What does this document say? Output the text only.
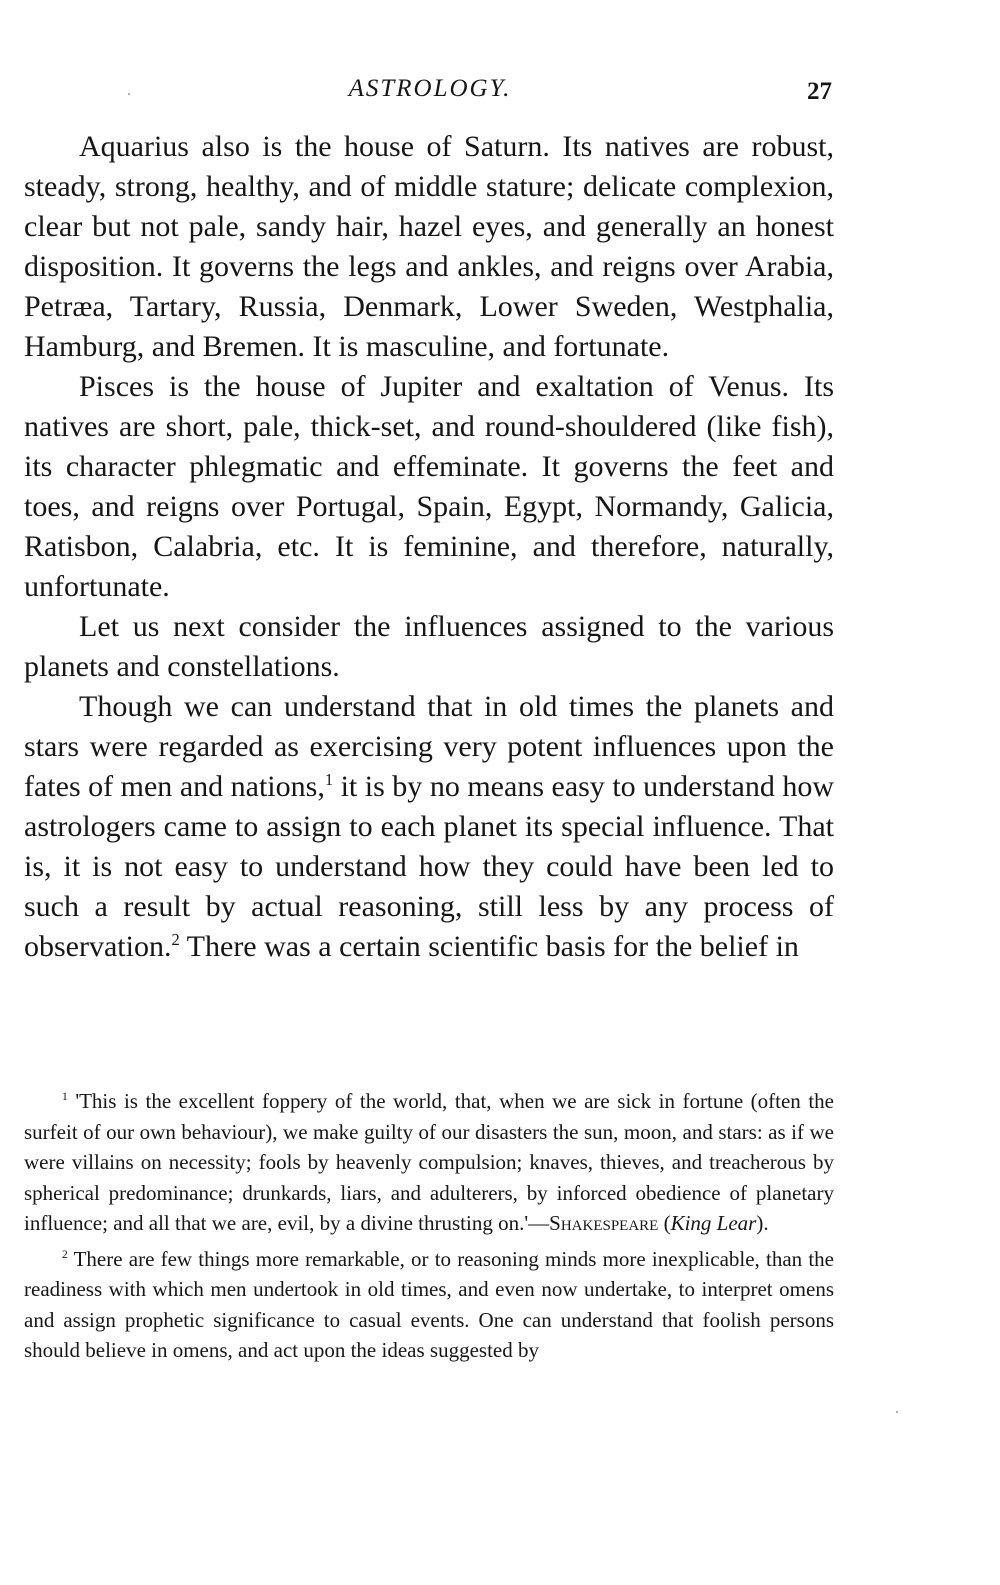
ASTROLOGY.	27

Aquarius also is the house of Saturn. Its natives are robust, steady, strong, healthy, and of middle stature; delicate complexion, clear but not pale, sandy hair, hazel eyes, and generally an honest disposition. It governs the legs and ankles, and reigns over Arabia, Petræa, Tartary, Russia, Denmark, Lower Sweden, Westphalia, Hamburg, and Bremen. It is masculine, and fortunate.

Pisces is the house of Jupiter and exaltation of Venus. Its natives are short, pale, thick-set, and round-shouldered (like fish), its character phlegmatic and effeminate. It governs the feet and toes, and reigns over Portugal, Spain, Egypt, Normandy, Galicia, Ratisbon, Calabria, etc. It is feminine, and therefore, naturally, unfortunate.

Let us next consider the influences assigned to the various planets and constellations.

Though we can understand that in old times the planets and stars were regarded as exercising very potent influences upon the fates of men and nations,$^1$ it is by no means easy to understand how astrologers came to assign to each planet its special influence. That is, it is not easy to understand how they could have been led to such a result by actual reasoning, still less by any process of observation.$^2$ There was a certain scientific basis for the belief in

$^1$ 'This is the excellent foppery of the world, that, when we are sick in fortune (often the surfeit of our own behaviour), we make guilty of our disasters the sun, moon, and stars: as if we were villains on necessity; fools by heavenly compulsion; knaves, thieves, and treacherous by spherical predominance; drunkards, liars, and adulterers, by inforced obedience of planetary influence; and all that we are, evil, by a divine thrusting on.'—Shakespeare (King Lear).

$^2$ There are few things more remarkable, or to reasoning minds more inexplicable, than the readiness with which men undertook in old times, and even now undertake, to interpret omens and assign prophetic significance to casual events. One can understand that foolish persons should believe in omens, and act upon the ideas suggested by
